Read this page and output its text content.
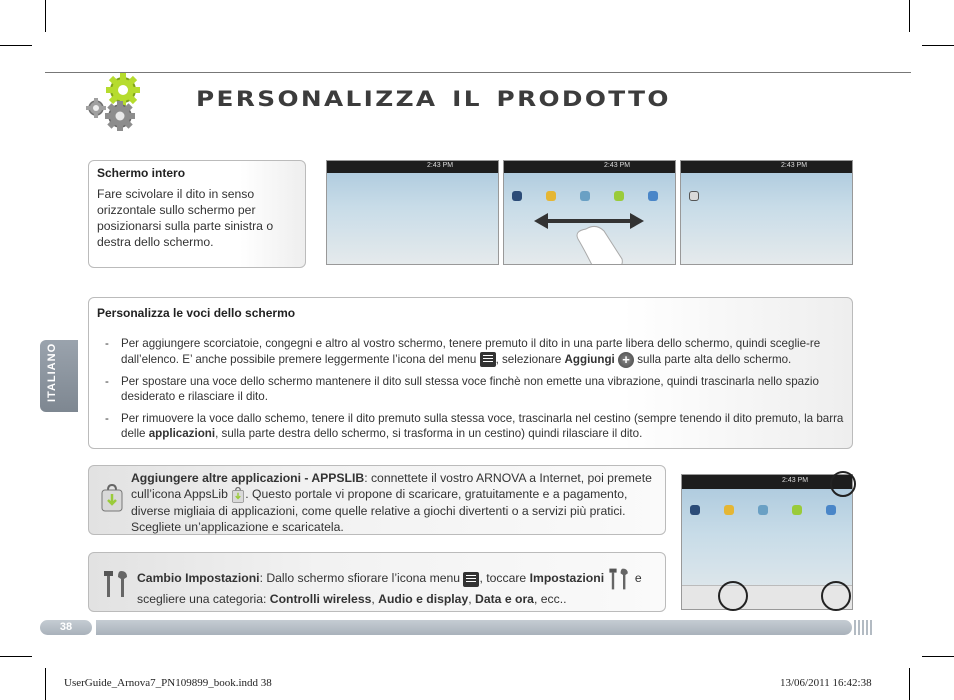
personalizza il prodotto
ITALIANO
Schermo intero
Fare scivolare il dito in senso orizzontale sullo schermo per posizionarsi sulla parte sinistra o destra dello schermo.
2:43 PM	2:43 PM	2:43 PM
Personalizza le voci dello schermo
- Per aggiungere scorciatoie, congegni e altro al vostro schermo, tenere premuto il dito in una parte libera dello schermo, quindi sceglie-re dall’elenco. E’ anche possibile premere leggermente l’icona del menu , selezionare Aggiungi + sulla parte alta dello schermo.
- Per spostare una voce dello schermo mantenere il dito sull stessa voce finchè non emette una vibrazione, quindi trascinarla nello spazio desiderato e rilasciare il dito.
- Per rimuovere la voce dallo schemo, tenere il dito premuto sulla stessa voce, trascinarla nel cestino (sempre tenendo il dito premuto, la barra delle applicazioni, sulla parte destra dello schermo, si trasforma in un cestino) quindi rilasciare il dito.
Aggiungere altre applicazioni - APPSLIB: connettete il vostro ARNOVA a Internet, poi premete cull’icona AppsLib . Questo portale vi propone di scaricare, gratuitamente e a pagamento, diverse migliaia di applicazioni, come quelle relative a giochi divertenti o a servizi più pratici. Scegliete un’applicazione e scaricatela.
Cambio Impostazioni: Dallo schermo sfiorare l’icona menu , toccare Impostazioni	e scegliere una categoria: Controlli wireless, Audio e display, Data e ora, ecc..
2:43 PM
38
UserGuide_Arnova7_PN109899_book.indd 38	13/06/2011 16:42:38
